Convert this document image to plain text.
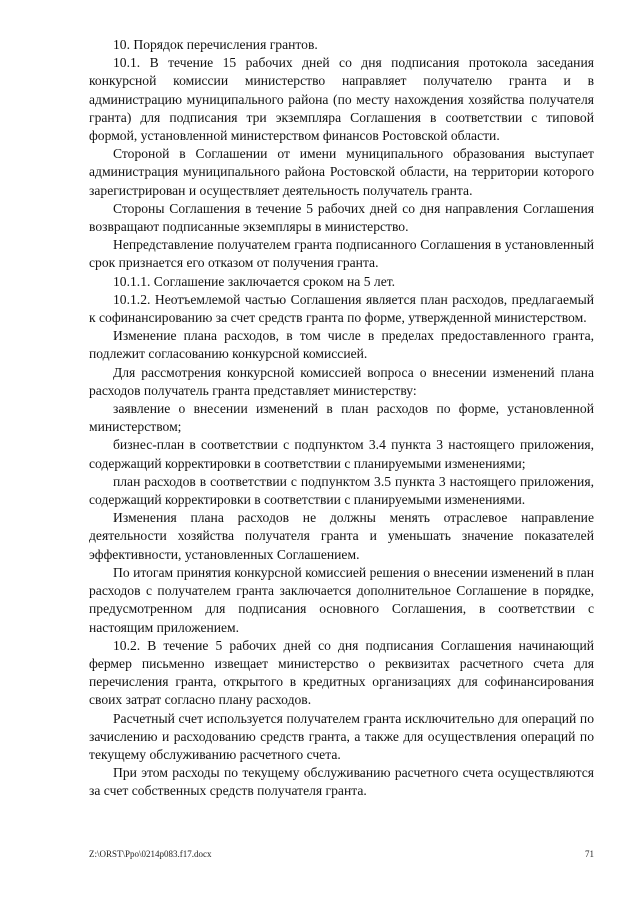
10. Порядок перечисления грантов.

10.1. В течение 15 рабочих дней со дня подписания протокола заседания конкурсной комиссии министерство направляет получателю гранта и в администрацию муниципального района (по месту нахождения хозяйства получателя гранта) для подписания три экземпляра Соглашения в соответствии с типовой формой, установленной министерством финансов Ростовской области.

Стороной в Соглашении от имени муниципального образования выступает администрация муниципального района Ростовской области, на территории которого зарегистрирован и осуществляет деятельность получатель гранта.

Стороны Соглашения в течение 5 рабочих дней со дня направления Соглашения возвращают подписанные экземпляры в министерство.

Непредставление получателем гранта подписанного Соглашения в установленный срок признается его отказом от получения гранта.

10.1.1. Соглашение заключается сроком на 5 лет.

10.1.2. Неотъемлемой частью Соглашения является план расходов, предлагаемый к софинансированию за счет средств гранта по форме, утвержденной министерством.

Изменение плана расходов, в том числе в пределах предоставленного гранта, подлежит согласованию конкурсной комиссией.

Для рассмотрения конкурсной комиссией вопроса о внесении изменений плана расходов получатель гранта представляет министерству:

заявление о внесении изменений в план расходов по форме, установленной министерством;

бизнес-план в соответствии с подпунктом 3.4 пункта 3 настоящего приложения, содержащий корректировки в соответствии с планируемыми изменениями;

план расходов в соответствии с подпунктом 3.5 пункта 3 настоящего приложения, содержащий корректировки в соответствии с планируемыми изменениями.

Изменения плана расходов не должны менять отраслевое направление деятельности хозяйства получателя гранта и уменьшать значение показателей эффективности, установленных Соглашением.

По итогам принятия конкурсной комиссией решения о внесении изменений в план расходов с получателем гранта заключается дополнительное Соглашение в порядке, предусмотренном для подписания основного Соглашения, в соответствии с настоящим приложением.

10.2. В течение 5 рабочих дней со дня подписания Соглашения начинающий фермер письменно извещает министерство о реквизитах расчетного счета для перечисления гранта, открытого в кредитных организациях для софинансирования своих затрат согласно плану расходов.

Расчетный счет используется получателем гранта исключительно для операций по зачислению и расходованию средств гранта, а также для осуществления операций по текущему обслуживанию расчетного счета.

При этом расходы по текущему обслуживанию расчетного счета осуществляются за счет собственных средств получателя гранта.

Z:\ORST\Ppo\0214p083.f17.docx	71
